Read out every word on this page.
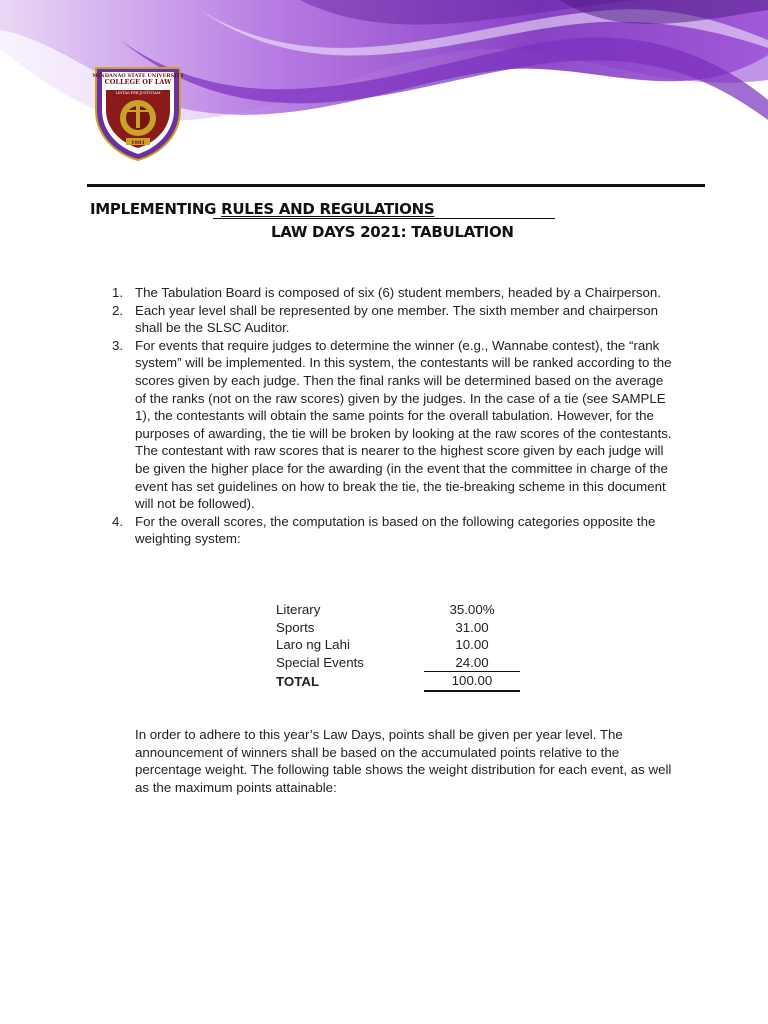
MINDANAO STATE UNIVERSITY
COLLEGE OF LAW
LINTAS PER JUSTITIAM
1981
IMPLEMENTING RULES AND REGULATIONS
LAW DAYS 2021: TABULATION
1. The Tabulation Board is composed of six (6) student members, headed by a Chairperson.
2. Each year level shall be represented by one member. The sixth member and chairperson shall be the SLSC Auditor.
3. For events that require judges to determine the winner (e.g., Wannabe contest), the “rank system” will be implemented. In this system, the contestants will be ranked according to the scores given by each judge. Then the final ranks will be determined based on the average of the ranks (not on the raw scores) given by the judges. In the case of a tie (see SAMPLE 1), the contestants will obtain the same points for the overall tabulation. However, for the purposes of awarding, the tie will be broken by looking at the raw scores of the contestants. The contestant with raw scores that is nearer to the highest score given by each judge will be given the higher place for the awarding (in the event that the committee in charge of the event has set guidelines on how to break the tie, the tie-breaking scheme in this document will not be followed).
4. For the overall scores, the computation is based on the following categories opposite the weighting system:
Literary	35.00%
Sports	31.00
Laro ng Lahi	10.00
Special Events	24.00
TOTAL	100.00

In order to adhere to this year’s Law Days, points shall be given per year level. The announcement of winners shall be based on the accumulated points relative to the percentage weight. The following table shows the weight distribution for each event, as well as the maximum points attainable:
